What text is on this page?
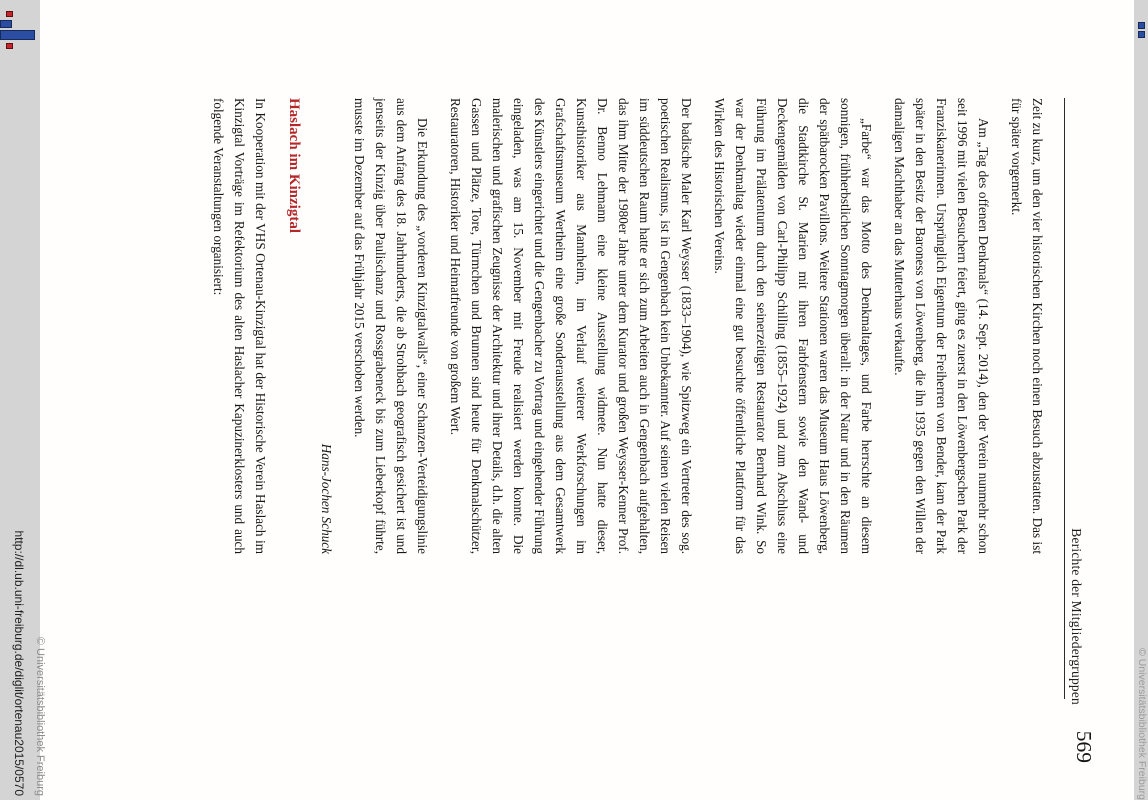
© Universitätsbibliothek Freiburg
Berichte der Mitgliedergruppen
569

Zeit zu kurz, um den vier historischen Kirchen noch einen Besuch abzustatten. Das ist für später vorgemerkt.

Am „Tag des offenen Denkmals“ (14. Sept. 2014), den der Verein nunmehr schon seit 1996 mit vielen Besuchern feiert, ging es zuerst in den Löwenbergschen Park der Franziskanerinnen. Ursprünglich Eigentum der Freiherren von Bender, kam der Park später in den Besitz der Baroness von Löwenberg, die ihn 1935 gegen den Willen der damaligen Machthaber an das Mutterhaus verkaufte.

„Farbe“ war das Motto des Denkmaltages, und Farbe herrschte an diesem sonnigen, frühherbstlichen Sonntagmorgen überall: in der Natur und in den Räumen der spätbarocken Pavillons. Weitere Stationen waren das Museum Haus Löwenberg, die Stadtkirche St. Marien mit ihren Farbfenstern sowie den Wand- und Deckengemälden von Carl-Philipp Schilling (1855–1924) und zum Abschluss eine Führung im Prälatenturm durch den seinerzeitigen Restaurator Bernhard Wink. So war der Denkmaltag wieder einmal eine gut besuchte öffentliche Plattform für das Wirken des Historischen Vereins.

Der badische Maler Karl Weysser (1833–1904), wie Spitzweg ein Vertreter des sog. poetischen Realismus, ist in Gengenbach kein Unbekannter. Auf seinen vielen Reisen im süddeutschen Raum hatte er sich zum Arbeiten auch in Gengenbach aufgehalten, das ihm Mitte der 1980er Jahre unter dem Kurator und großen Weysser-Kenner Prof. Dr. Benno Lehmann eine kleine Ausstellung widmete. Nun hatte dieser, Kunsthistoriker aus Mannheim, im Verlauf weiterer Werkforschungen im Grafschaftsmuseum Wertheim eine große Sonderausstellung aus dem Gesamtwerk des Künstlers eingerichtet und die Gengenbacher zu Vortrag und eingehender Führung eingeladen, was am 15. November mit Freude realisiert werden konnte. Die malerischen und grafischen Zeugnisse der Architektur und ihrer Details, d.h. die alten Gassen und Plätze, Tore, Türmchen und Brunnen sind heute für Denkmalschützer, Restauratoren, Historiker und Heimatfreunde von großem Wert.

Die Erkundung des „vorderen Kinzigtalwalls“, einer Schanzen-Verteidigungslinie aus dem Anfang des 18. Jahrhunderts, die ab Strohbach geografisch gesichert ist und jenseits der Kinzig über Paulischanz und Rossgrabeneck bis zum Lieberkopf führte, musste im Dezember auf das Frühjahr 2015 verschoben werden.

Hans-Jochen Schuck

Haslach im Kinzigtal

In Kooperation mit der VHS Ortenau-Kinzigtal hat der Historische Verein Haslach im Kinzigtal Vorträge im Refektorium des alten Haslacher Kapuzinerklosters und auch folgende Veranstaltungen organisiert:

© Universitätsbibliothek Freiburg
http://dl.ub.uni-freiburg.de/diglit/ortenau2015/0570
